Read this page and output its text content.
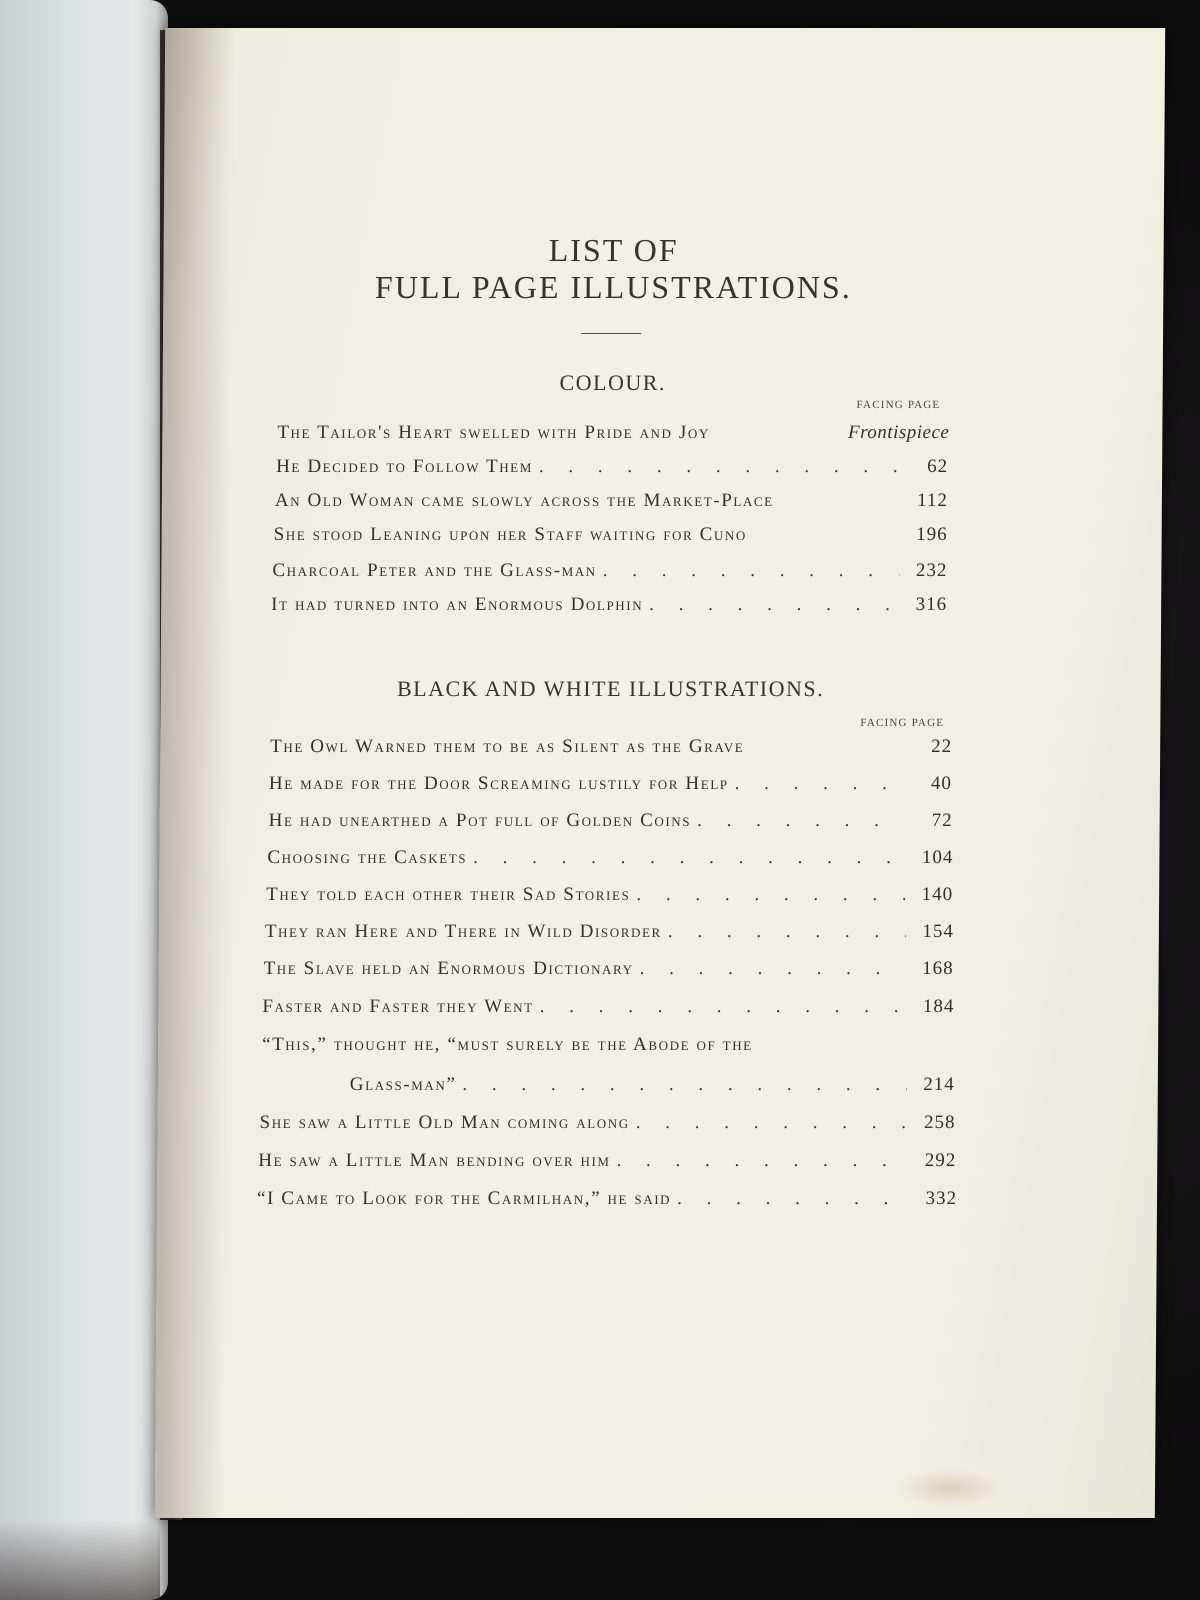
LIST OF
FULL PAGE ILLUSTRATIONS.
COLOUR.
FACING PAGE
The Tailor's Heart swelled with Pride and Joy	Frontispiece
He Decided to Follow Them . . .	62
An Old Woman came slowly across the Market-Place	112
She stood Leaning upon her Staff waiting for Cuno	196
Charcoal Peter and the Glass-man . . .	232
It had turned into an Enormous Dolphin . . .	316
BLACK AND WHITE ILLUSTRATIONS.
FACING PAGE
The Owl Warned them to be as Silent as the Grave	22
He made for the Door Screaming lustily for Help . . .	40
He had unearthed a Pot full of Golden Coins . . .	72
Choosing the Caskets . . .	104
They told each other their Sad Stories . . .	140
They ran Here and There in Wild Disorder . . .	154
The Slave held an Enormous Dictionary . . .	168
Faster and Faster they Went . . .	184
“This,” thought he, “must surely be the Abode of the
Glass-man” . . .	214
She saw a Little Old Man coming along . . .	258
He saw a Little Man bending over him . . .	292
“I Came to Look for the Carmilhan,” he said . . .	332
